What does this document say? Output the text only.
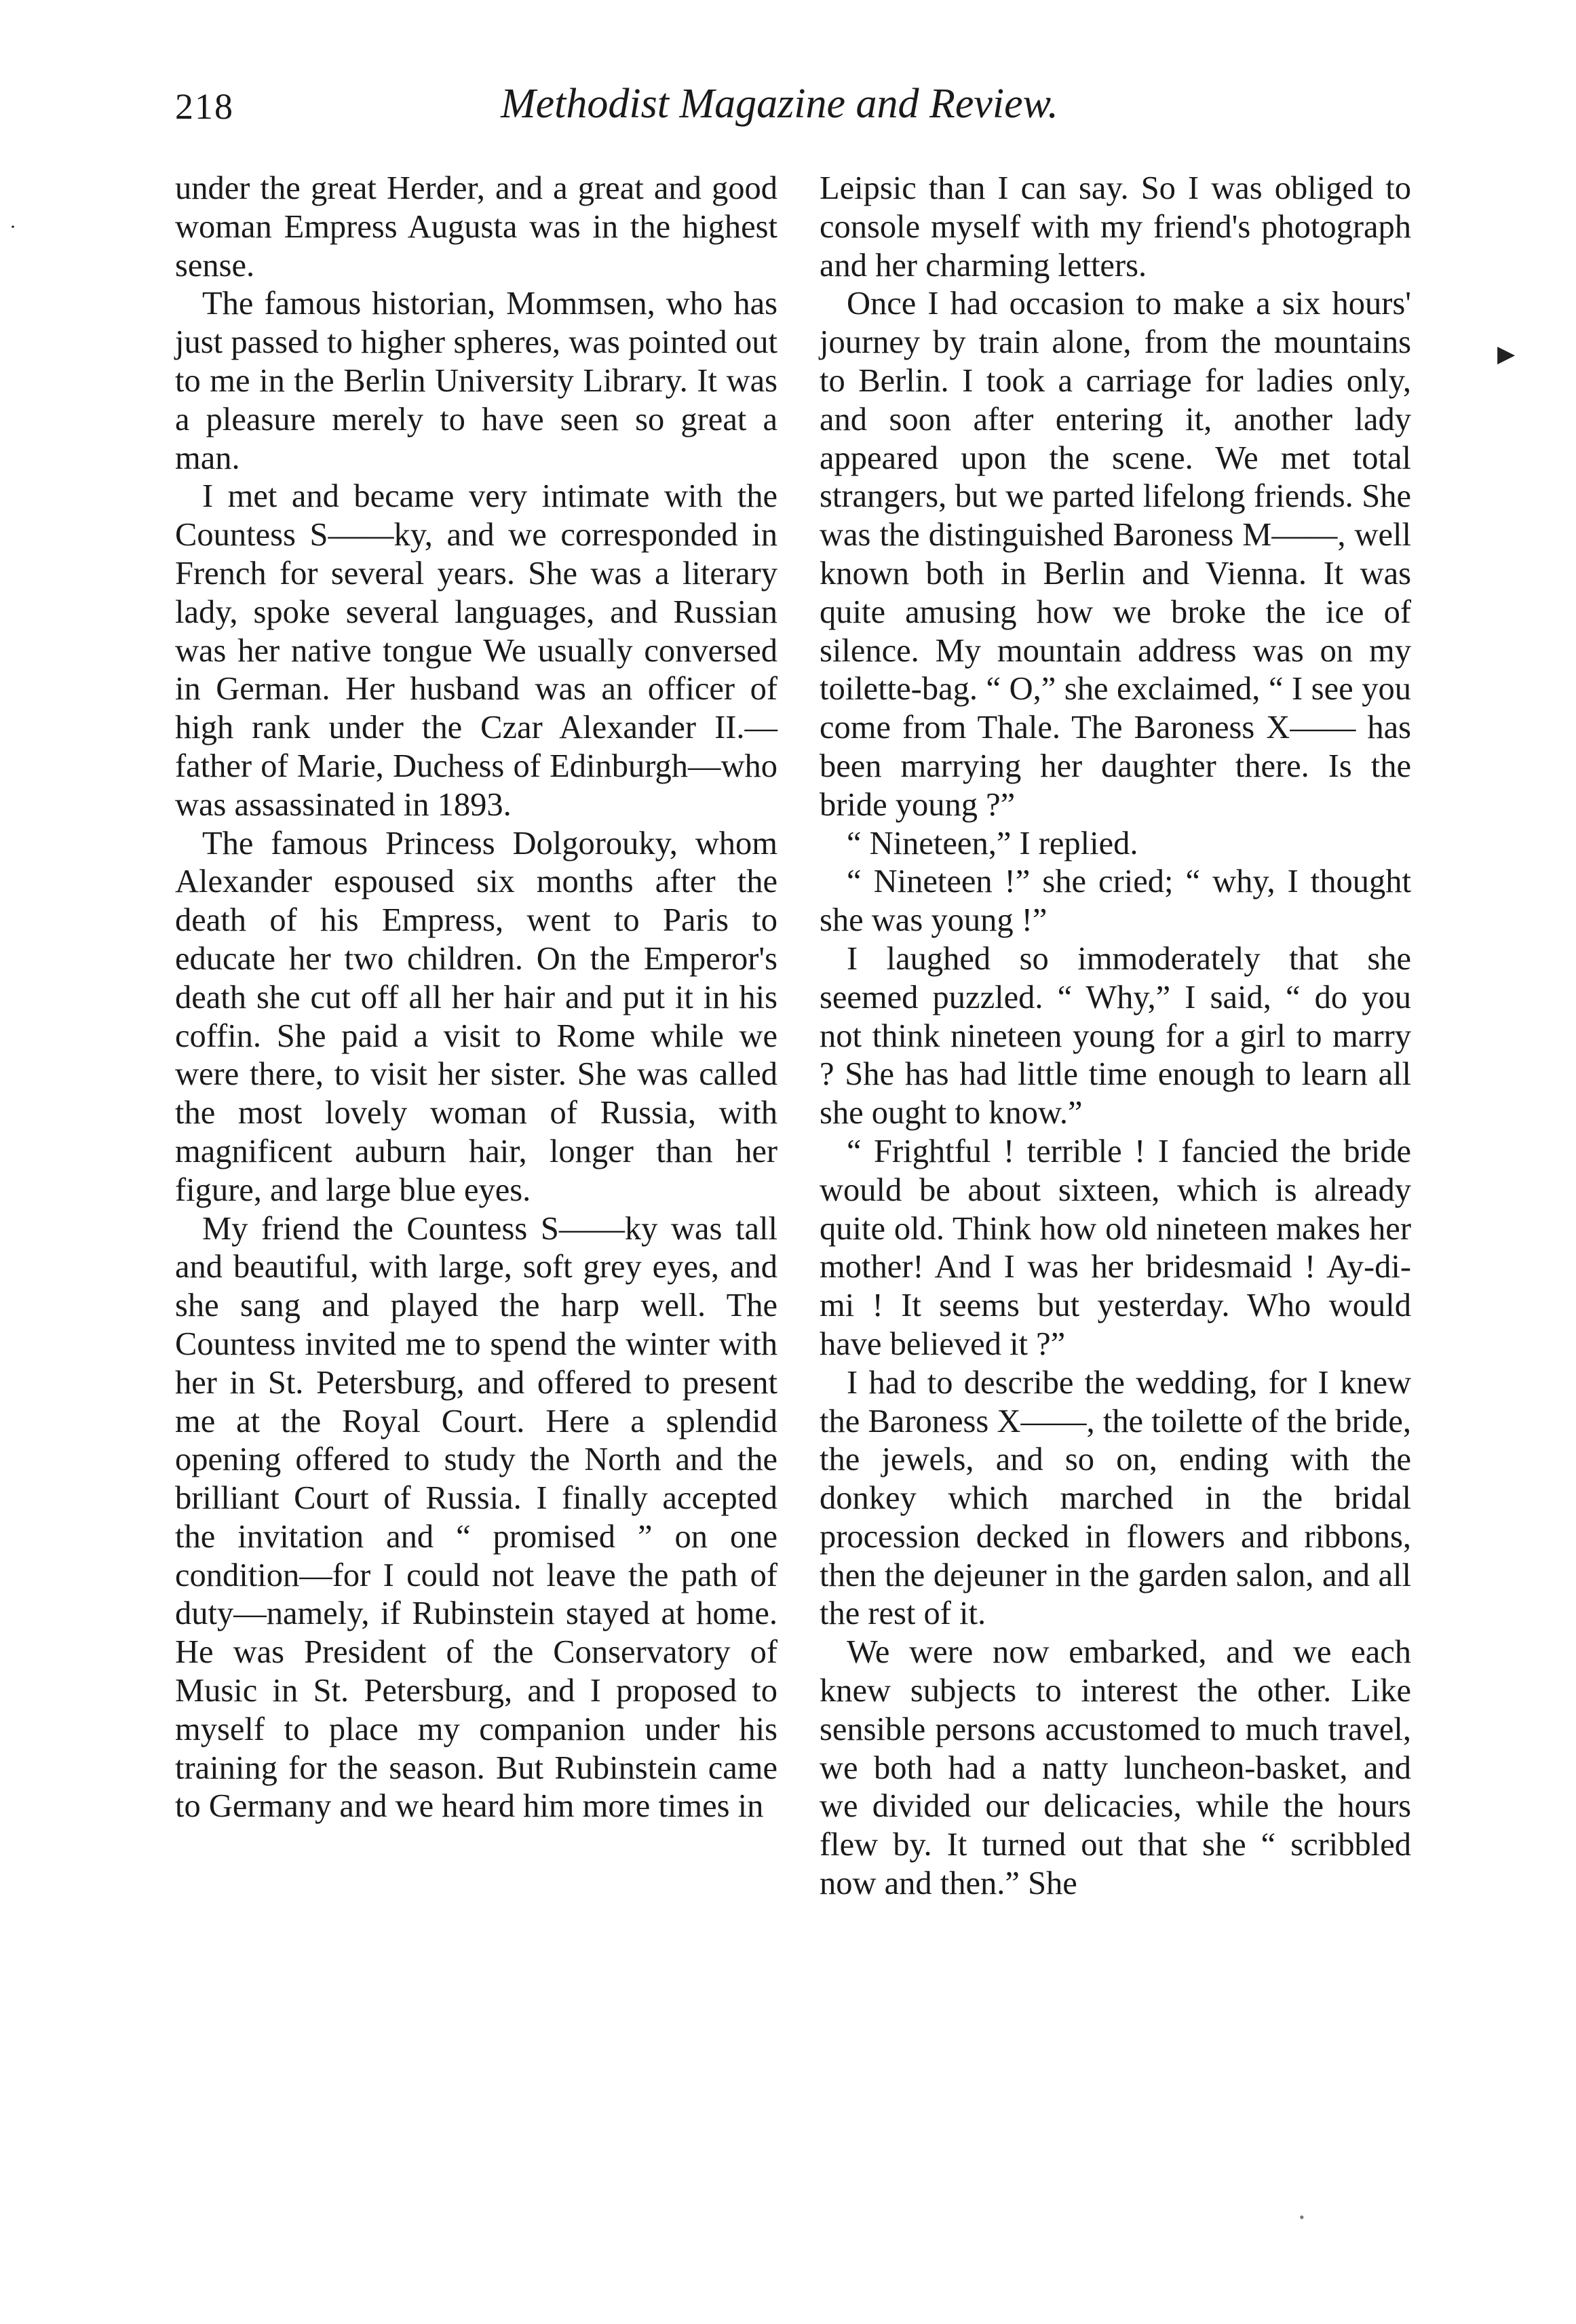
218	Methodist Magazine and Review.
·
▶
•

under the great Herder, and a great and good woman Empress Augusta was in the highest sense.

The famous historian, Mommsen, who has just passed to higher spheres, was pointed out to me in the Berlin University Library. It was a pleasure merely to have seen so great a man.

I met and became very intimate with the Countess S——ky, and we corresponded in French for several years. She was a literary lady, spoke several languages, and Russian was her native tongue We usually conversed in German. Her husband was an officer of high rank under the Czar Alexander II.—father of Marie, Duchess of Edinburgh—who was assassinated in 1893.

The famous Princess Dolgorouky, whom Alexander espoused six months after the death of his Empress, went to Paris to educate her two children. On the Emperor's death she cut off all her hair and put it in his coffin. She paid a visit to Rome while we were there, to visit her sister. She was called the most lovely woman of Russia, with magnificent auburn hair, longer than her figure, and large blue eyes.

My friend the Countess S——ky was tall and beautiful, with large, soft grey eyes, and she sang and played the harp well. The Countess invited me to spend the winter with her in St. Petersburg, and offered to present me at the Royal Court. Here a splendid opening offered to study the North and the brilliant Court of Russia. I finally accepted the invitation and “ promised ” on one condition—for I could not leave the path of duty—namely, if Rubinstein stayed at home. He was President of the Conservatory of Music in St. Petersburg, and I proposed to myself to place my companion under his training for the season. But Rubinstein came to Germany and we heard him more times in

Leipsic than I can say. So I was obliged to console myself with my friend's photograph and her charming letters.

Once I had occasion to make a six hours' journey by train alone, from the mountains to Berlin. I took a carriage for ladies only, and soon after entering it, another lady appeared upon the scene. We met total strangers, but we parted lifelong friends. She was the distinguished Baroness M——, well known both in Berlin and Vienna. It was quite amusing how we broke the ice of silence. My mountain address was on my toilette-bag. “ O,” she exclaimed, “ I see you come from Thale. The Baroness X—— has been marrying her daughter there. Is the bride young ?”

“ Nineteen,” I replied.

“ Nineteen !” she cried; “ why, I thought she was young !”

I laughed so immoderately that she seemed puzzled. “ Why,” I said, “ do you not think nineteen young for a girl to marry ? She has had little time enough to learn all she ought to know.”

“ Frightful ! terrible ! I fancied the bride would be about sixteen, which is already quite old. Think how old nineteen makes her mother! And I was her bridesmaid ! Ay-di-mi ! It seems but yesterday. Who would have believed it ?”

I had to describe the wedding, for I knew the Baroness X——, the toilette of the bride, the jewels, and so on, ending with the donkey which marched in the bridal procession decked in flowers and ribbons, then the dejeuner in the garden salon, and all the rest of it.

We were now embarked, and we each knew subjects to interest the other. Like sensible persons accustomed to much travel, we both had a natty luncheon-basket, and we divided our delicacies, while the hours flew by. It turned out that she “ scribbled now and then.” She
